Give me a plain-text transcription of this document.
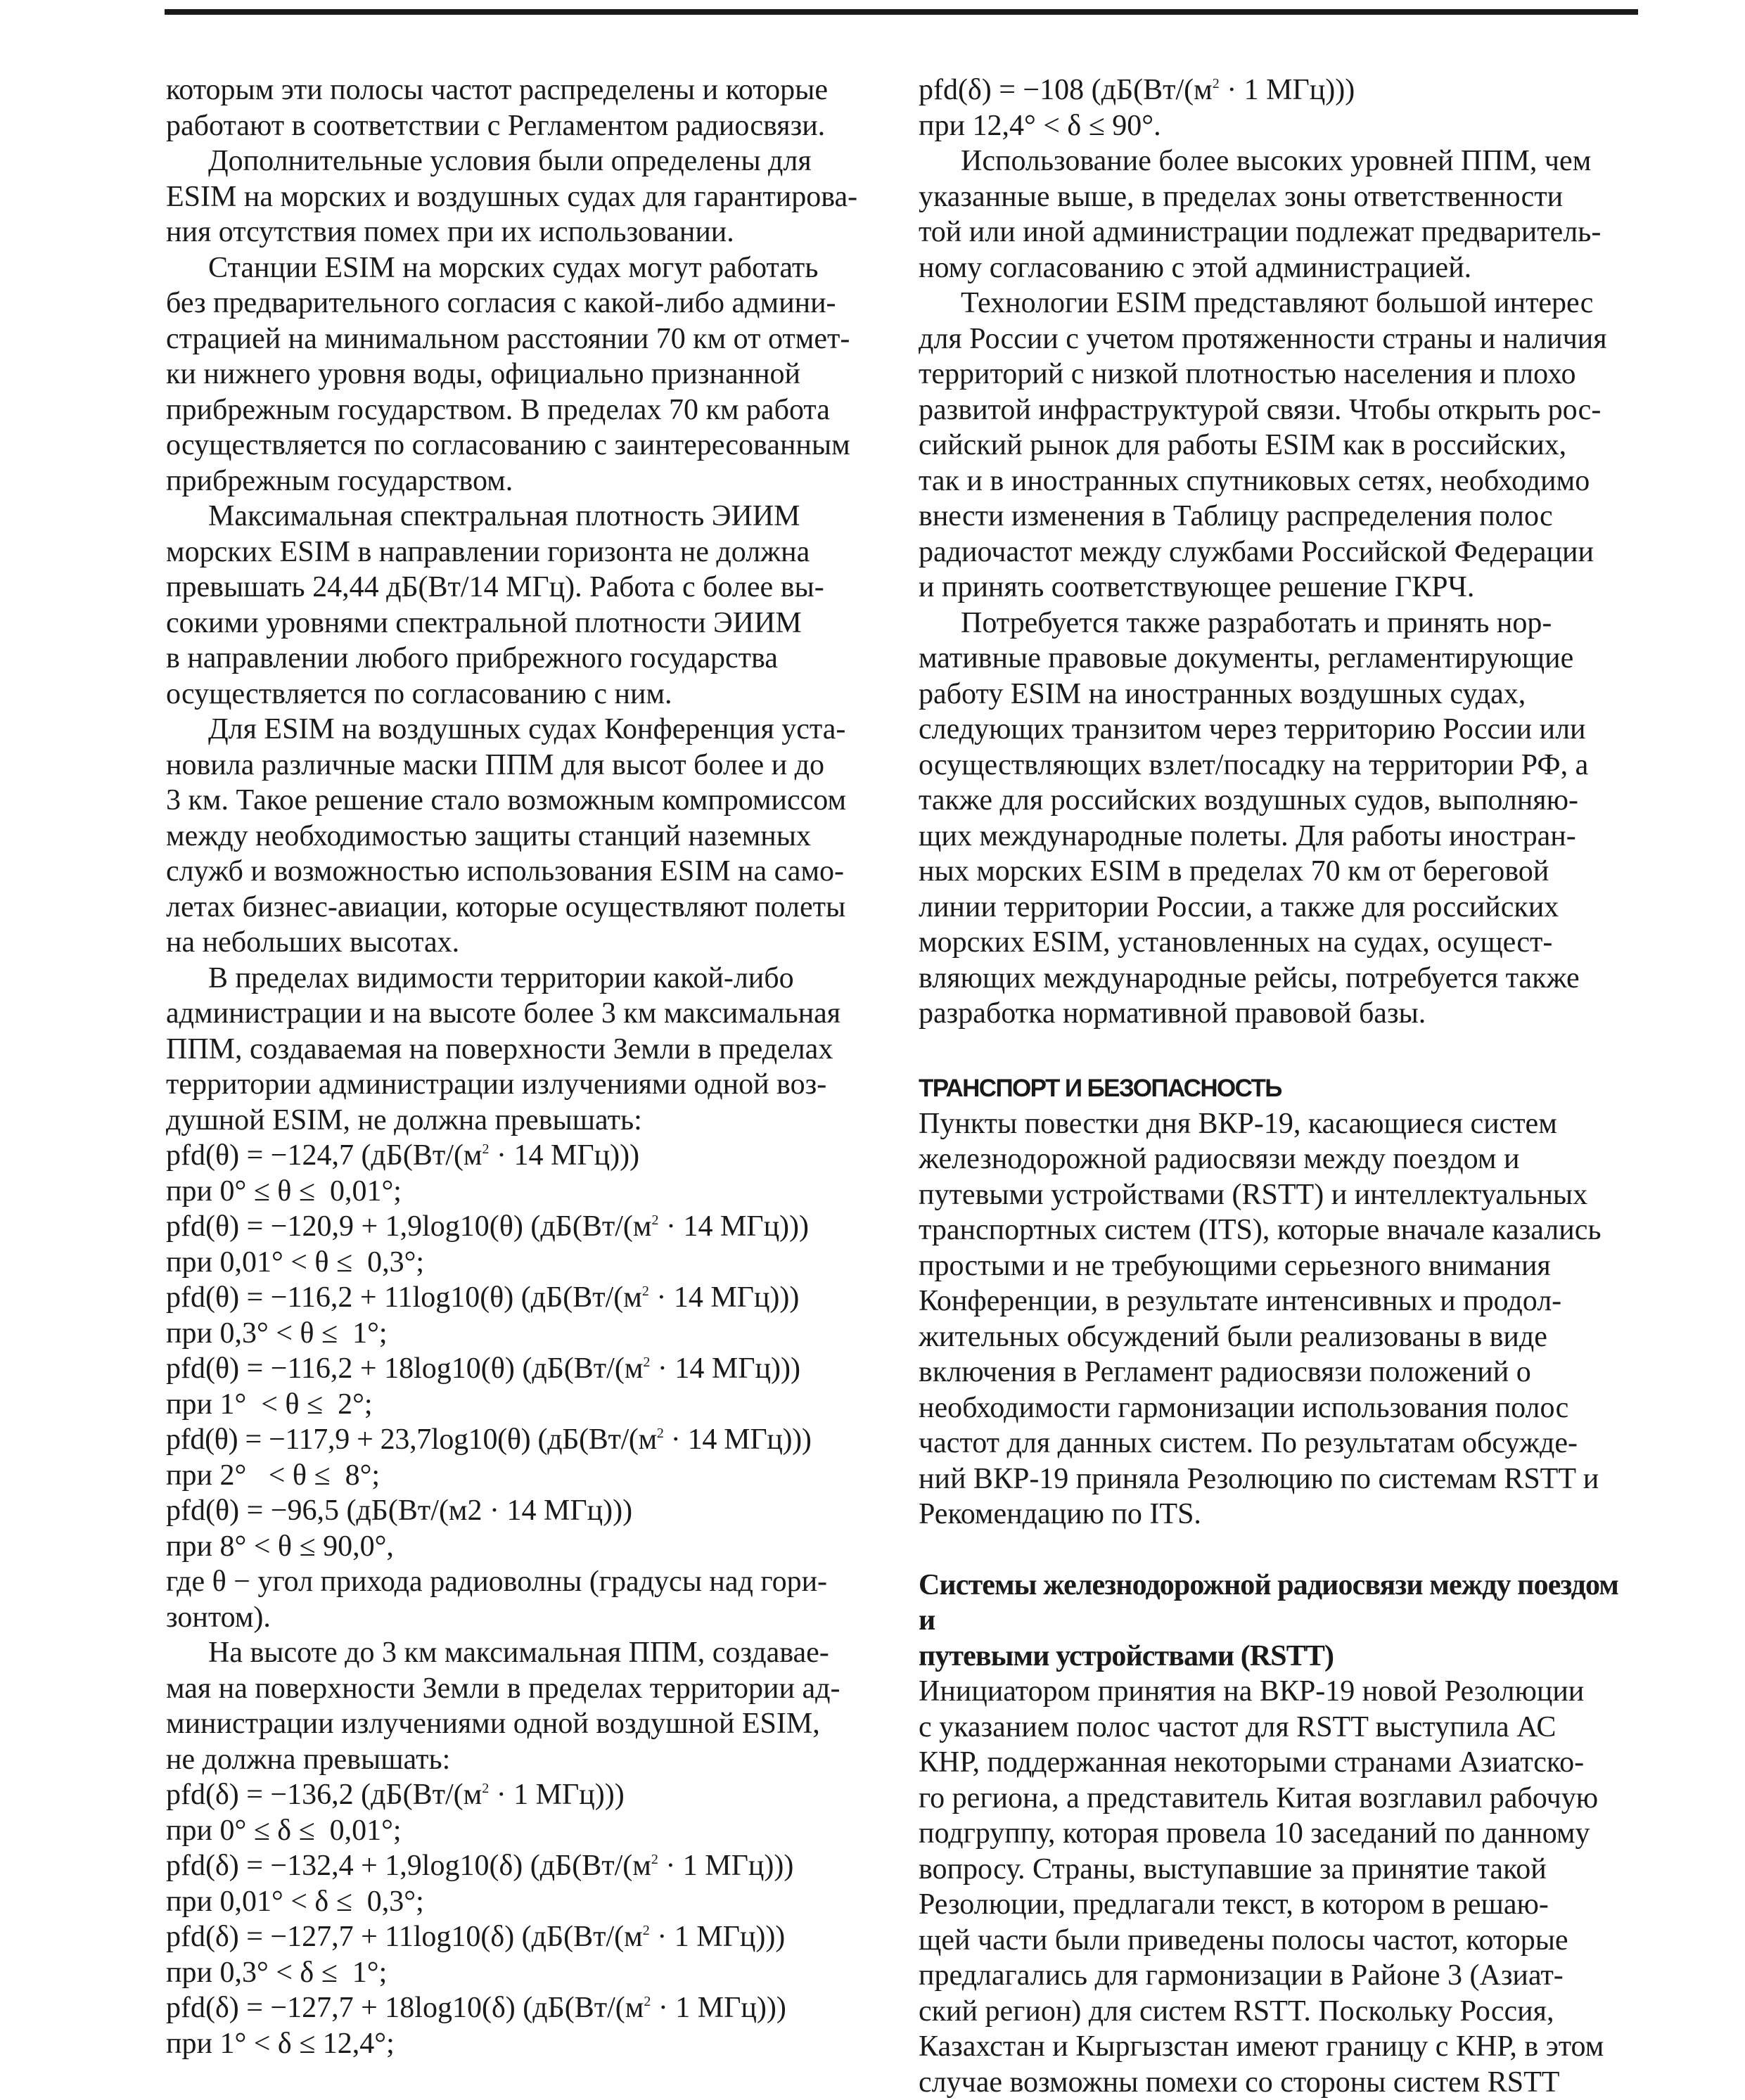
которым эти полосы частот распределены и которые
работают в соответствии с Регламентом радиосвязи.

Дополнительные условия были определены для
ESIM на морских и воздушных судах для гарантирова-
ния отсутствия помех при их использовании.

Станции ESIM на морских судах могут работать
без предварительного согласия с какой-либо админи-
страцией на минимальном расстоянии 70 км от отмет-
ки нижнего уровня воды, официально признанной
прибрежным государством. В пределах 70 км работа
осуществляется по согласованию с заинтересованным
прибрежным государством.

Максимальная спектральная плотность ЭИИМ
морских ESIM в направлении горизонта не должна
превышать 24,44 дБ(Вт/14 МГц). Работа с более вы-
сокими уровнями спектральной плотности ЭИИМ
в направлении любого прибрежного государства
осуществляется по согласованию с ним.

Для ESIM на воздушных судах Конференция уста-
новила различные маски ППМ для высот более и до
3 км. Такое решение стало возможным компромиссом
между необходимостью защиты станций наземных
служб и возможностью использования ESIM на само-
летах бизнес-авиации, которые осуществляют полеты
на небольших высотах.

В пределах видимости территории какой-либо
администрации и на высоте более 3 км максимальная
ППМ, создаваемая на поверхности Земли в пределах
территории администрации излучениями одной воз-
душной ESIM, не должна превышать:

pfd(θ) = −124,7 ($дБ(Вт/(м^2 \cdot 14$ МГц)))
при 0° ≤ θ ≤  0,01°;
pfd(θ) = −120,9 + 1,9log10(θ) ($дБ(Вт/(м^2 \cdot 14$ МГц)))
при 0,01° < θ ≤  0,3°;
pfd(θ) = −116,2 + 11log10(θ) ($дБ(Вт/(м^2 \cdot 14$ МГц)))
при 0,3° < θ ≤  1°;
pfd(θ) = −116,2 + 18log10(θ) ($дБ(Вт/(м^2 \cdot 14$ МГц)))
при 1°  < θ ≤  2°;
pfd(θ) = −117,9 + 23,7log10(θ) ($дБ(Вт/(м^2 \cdot 14$ МГц)))
при 2°   < θ ≤  8°;
pfd(θ) = −96,5 (дБ(Вт/(м2 · 14 МГц)))
при 8° < θ ≤ 90,0°,

где θ − угол прихода радиоволны (градусы над гори-
зонтом).

На высоте до 3 км максимальная ППМ, создавае-
мая на поверхности Земли в пределах территории ад-
министрации излучениями одной воздушной ESIM,
не должна превышать:

pfd(δ) = −136,2 ($дБ(Вт/(м^2 \cdot 1$ МГц)))
при 0° ≤ δ ≤  0,01°;
pfd(δ) = −132,4 + 1,9log10(δ) ($дБ(Вт/(м^2 \cdot 1$ МГц)))
при 0,01° < δ ≤  0,3°;
pfd(δ) = −127,7 + 11log10(δ) ($дБ(Вт/(м^2 \cdot 1$ МГц)))
при 0,3° < δ ≤  1°;
pfd(δ) = −127,7 + 18log10(δ) ($дБ(Вт/(м^2 \cdot 1$ МГц)))
при 1° < δ ≤ 12,4°;
pfd(δ) = −108 ($дБ(Вт/(м^2 \cdot 1$ МГц)))
при 12,4° < δ ≤ 90°.

Использование более высоких уровней ППМ, чем
указанные выше, в пределах зоны ответственности
той или иной администрации подлежат предваритель-
ному согласованию с этой администрацией.

Технологии ESIM представляют большой интерес
для России с учетом протяженности страны и наличия
территорий с низкой плотностью населения и плохо
развитой инфраструктурой связи. Чтобы открыть рос-
сийский рынок для работы ESIM как в российских,
так и в иностранных спутниковых сетях, необходимо
внести изменения в Таблицу распределения полос
радиочастот между службами Российской Федерации
и принять соответствующее решение ГКРЧ.

Потребуется также разработать и принять нор-
мативные правовые документы, регламентирующие
работу ESIM на иностранных воздушных судах,
следующих транзитом через территорию России или
осуществляющих взлет/посадку на территории РФ, а
также для российских воздушных судов, выполняю-
щих международные полеты. Для работы иностран-
ных морских ESIM в пределах 70 км от береговой
линии территории России, а также для российских
морских ESIM, установленных на судах, осущест-
вляющих международные рейсы, потребуется также
разработка нормативной правовой базы.

ТРАНСПОРТ И БЕЗОПАСНОСТЬ

Пункты повестки дня ВКР-19, касающиеся систем
железнодорожной радиосвязи между поездом и
путевыми устройствами (RSTT) и интеллектуальных
транспортных систем (ITS), которые вначале казались
простыми и не требующими серьезного внимания
Конференции, в результате интенсивных и продол-
жительных обсуждений были реализованы в виде
включения в Регламент радиосвязи положений о
необходимости гармонизации использования полос
частот для данных систем. По результатам обсужде-
ний ВКР-19 приняла Резолюцию по системам RSTT и
Рекомендацию по ITS.

Системы железнодорожной радиосвязи между поездом и
путевыми устройствами (RSTT)

Инициатором принятия на ВКР-19 новой Резолюции
с указанием полос частот для RSTT выступила АС
КНР, поддержанная некоторыми странами Азиатско-
го региона, а представитель Китая возглавил рабочую
подгруппу, которая провела 10 заседаний по данному
вопросу. Страны, выступавшие за принятие такой
Резолюции, предлагали текст, в котором в решаю-
щей части были приведены полосы частот, которые
предлагались для гармонизации в Районе 3 (Азиат-
ский регион) для систем RSTT. Поскольку Россия,
Казахстан и Кыргызстан имеют границу с КНР, в этом
случае возможны помехи со стороны систем RSTT
